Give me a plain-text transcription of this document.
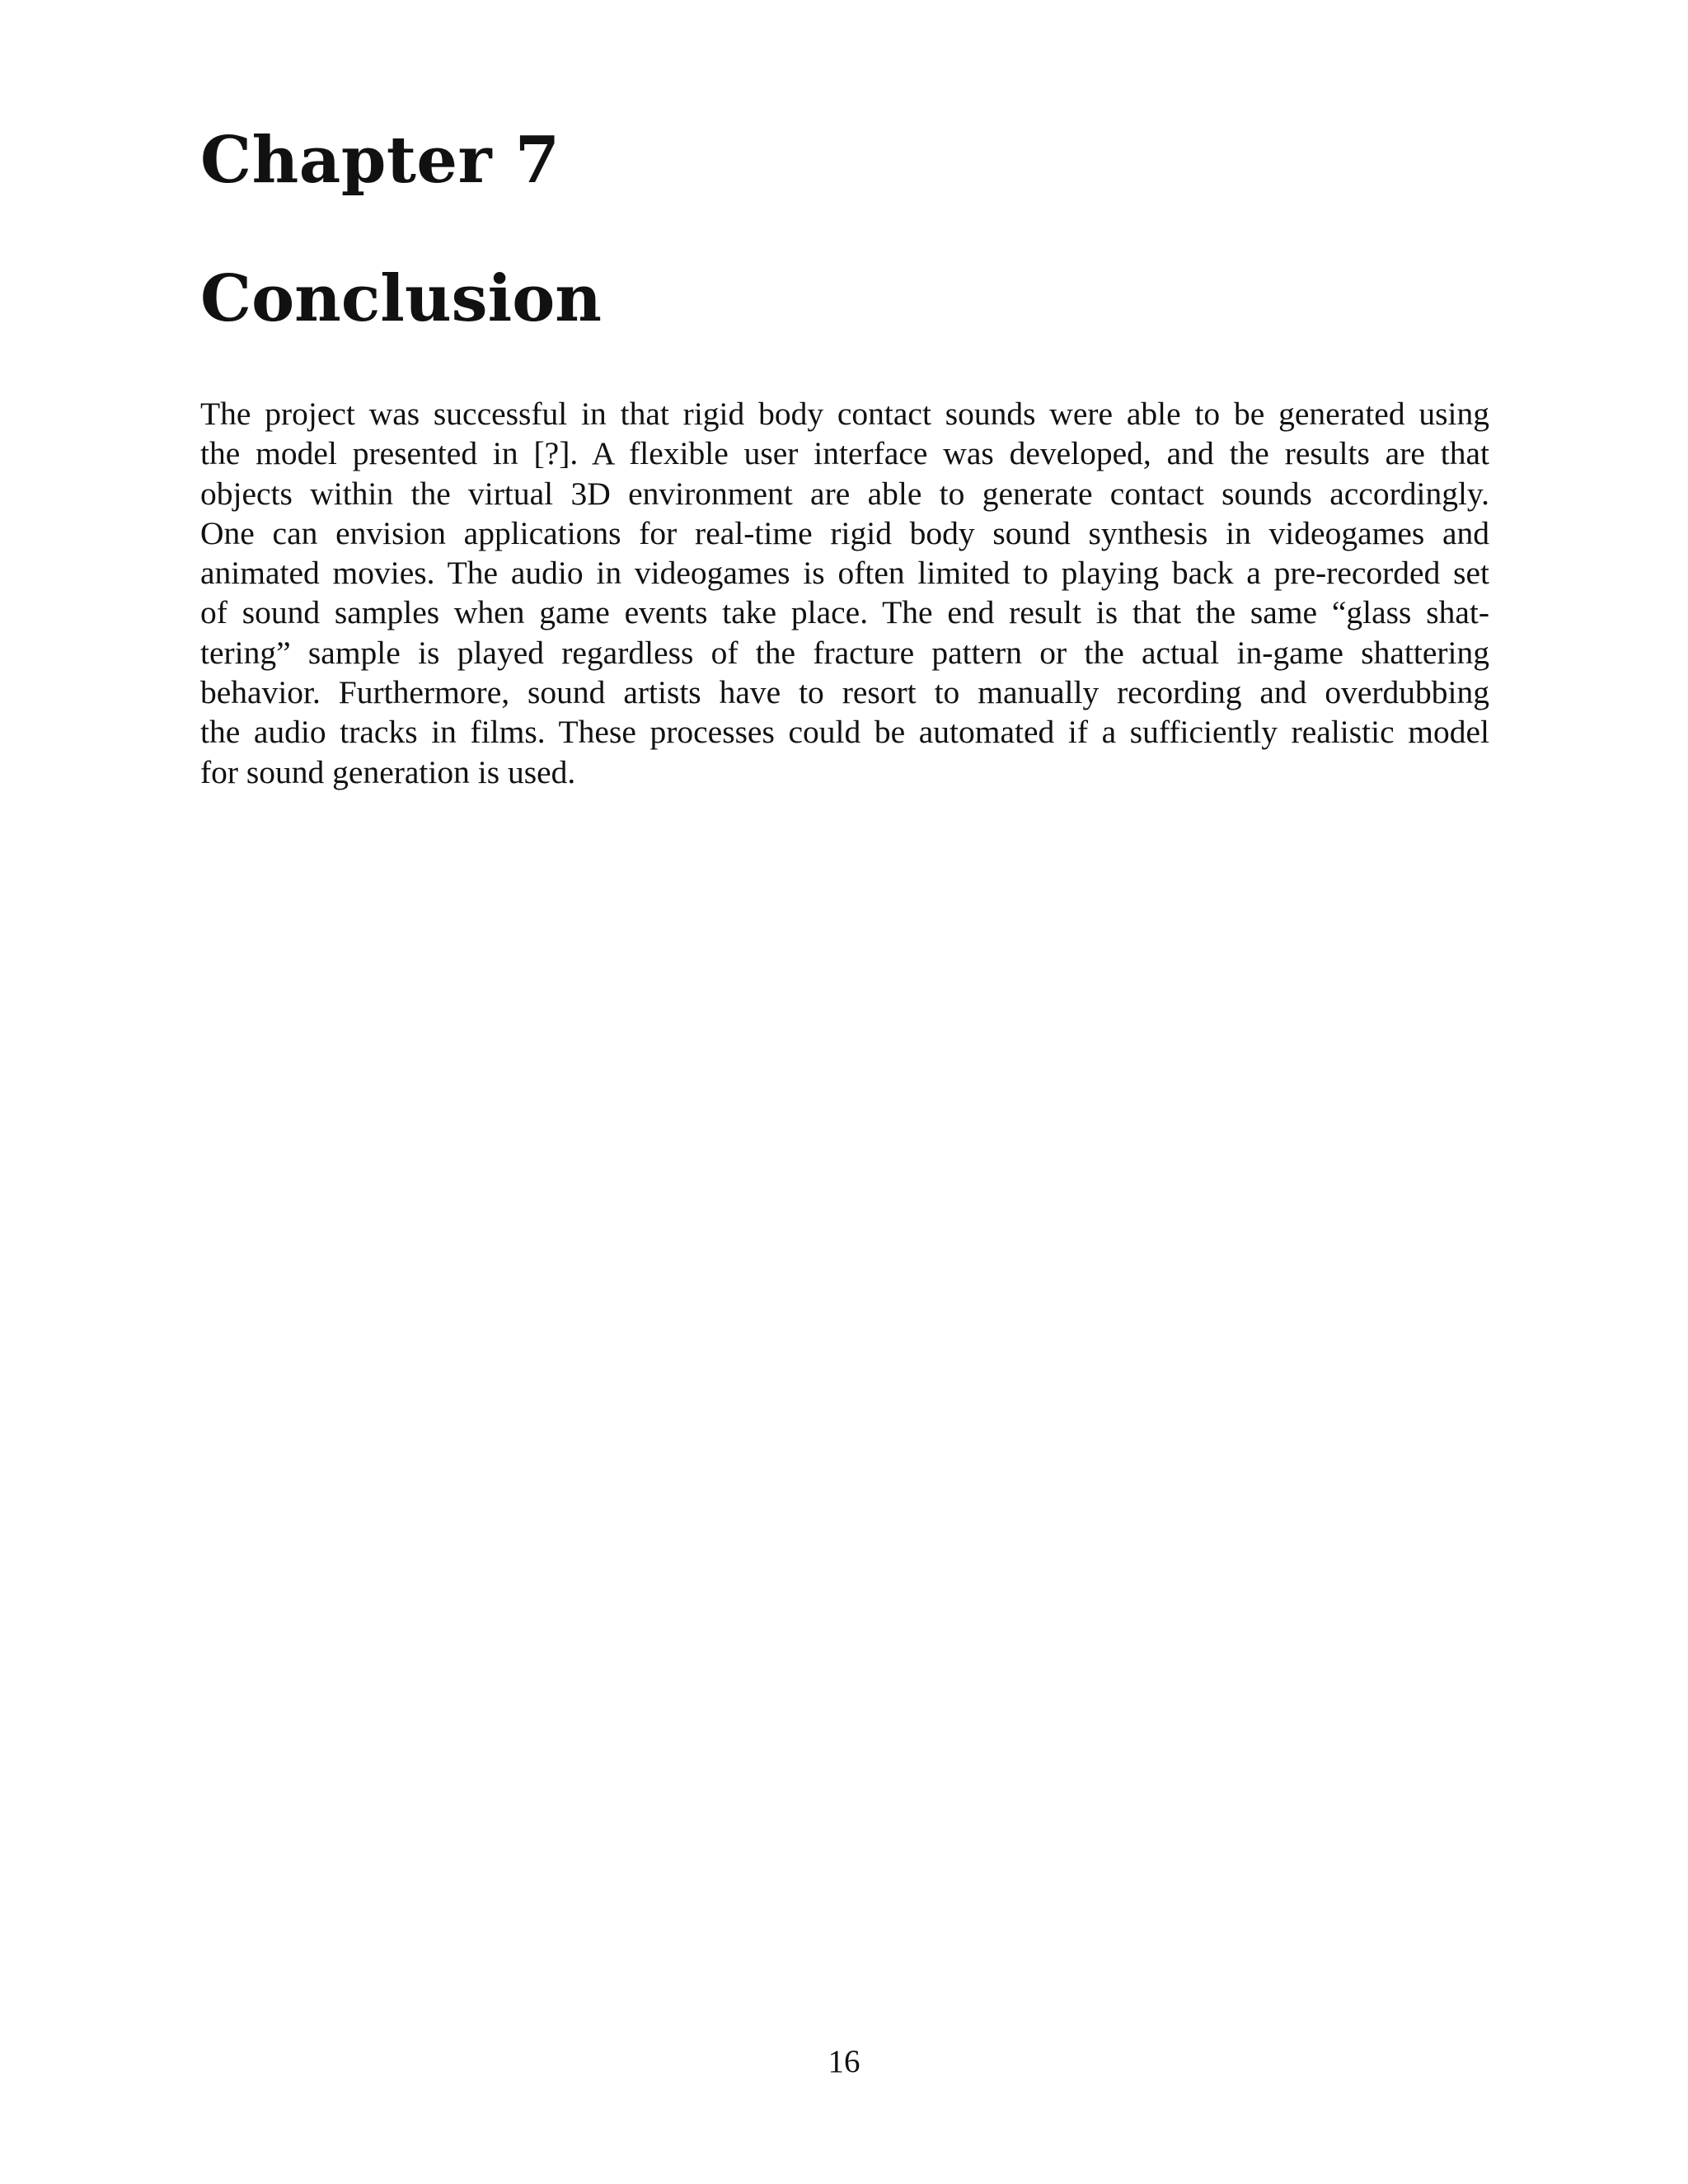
Chapter 7
Conclusion

The project was successful in that rigid body contact sounds were able to be generated using
the model presented in [?]. A flexible user interface was developed, and the results are that
objects within the virtual 3D environment are able to generate contact sounds accordingly.
One can envision applications for real-time rigid body sound synthesis in videogames and
animated movies. The audio in videogames is often limited to playing back a pre-recorded set
of sound samples when game events take place. The end result is that the same “glass shat-
tering” sample is played regardless of the fracture pattern or the actual in-game shattering
behavior. Furthermore, sound artists have to resort to manually recording and overdubbing
the audio tracks in films. These processes could be automated if a sufficiently realistic model
for sound generation is used.

16
